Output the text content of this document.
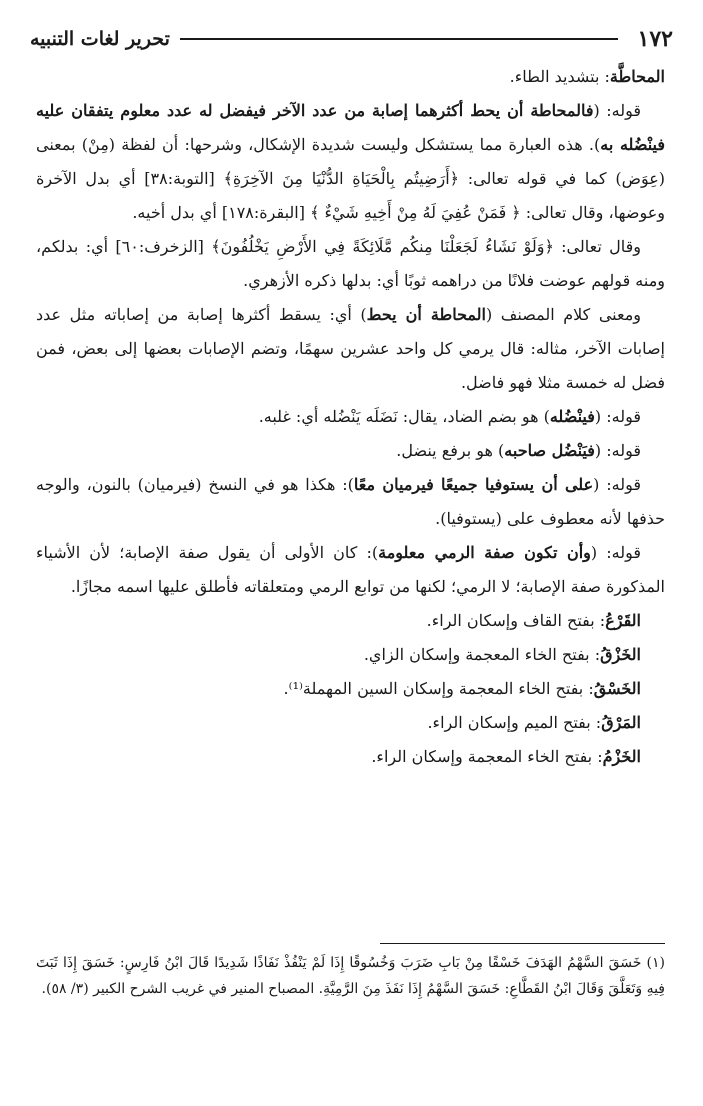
١٧٢
تحرير لغات التنبيه

المحاطَّة: بتشديد الطاء.

قوله: (فالمحاطة أن يحط أكثرهما إصابة من عدد الآخر فيفضل له عدد معلوم يتفقان عليه فينْضُله به). هذه العبارة مما يستشكل وليست شديدة الإشكال، وشرحها: أن لفظة (مِنْ) بمعنى (عِوَض) كما في قوله تعالى: ﴿أَرَضِيتُم بِالْحَيَاةِ الدُّنْيَا مِنَ الآخِرَةِ﴾ [التوبة:٣٨] أي بدل الآخرة وعوضها، وقال تعالى: ﴿ فَمَنْ عُفِيَ لَهُ مِنْ أَخِيهِ شَيْءٌ ﴾ [البقرة:١٧٨] أي بدل أخيه.

وقال تعالى: ﴿وَلَوْ نَشَاءُ لَجَعَلْنَا مِنكُم مَّلَائِكَةً فِي الأَرْضِ يَخْلُفُونَ﴾ [الزخرف:٦٠] أي: بدلكم، ومنه قولهم عوضت فلانًا من دراهمه ثوبًا أي: بدلها ذكره الأزهري.

ومعنى كلام المصنف (المحاطة أن يحط) أي: يسقط أكثرها إصابة من إصاباته مثل عدد إصابات الآخر، مثاله: قال يرمي كل واحد عشرين سهمًا، وتضم الإصابات بعضها إلى بعض، فمن فضل له خمسة مثلا فهو فاضل.

قوله: (فينْضُله) هو بضم الضاد، يقال: نَضَلَه يَنْضُله أي: غلبه.

قوله: (فيَنْضُل صاحبه) هو برفع ينضل.

قوله: (على أن يستوفيا جميعًا فيرميان معًا): هكذا هو في النسخ (فيرميان) بالنون، والوجه حذفها لأنه معطوف على (يستوفيا).

قوله: (وأن تكون صفة الرمي معلومة): كان الأولى أن يقول صفة الإصابة؛ لأن الأشياء المذكورة صفة الإصابة؛ لا الرمي؛ لكنها من توابع الرمي ومتعلقاته فأطلق عليها اسمه مجازًا.

القَرْعُ: بفتح القاف وإسكان الراء.

الخَزْقُ: بفتح الخاء المعجمة وإسكان الزاي.

الخَسْقُ: بفتح الخاء المعجمة وإسكان السين المهملة⁽¹⁾.

المَرْقُ: بفتح الميم وإسكان الراء.

الخَزْمُ: بفتح الخاء المعجمة وإسكان الراء.

(١) خَسَقَ السَّهْمُ الهَدَفَ خَسْقًا مِنْ بَابِ ضَرَبَ وَخُسُوقًا إِذَا لَمْ يَنْفُذْ نَفَاذًا شَدِيدًا قَالَ ابْنُ فَارِسٍ: خَسَقَ إِذَا ثَبَتَ فِيهِ وَتَعَلَّقَ وَقَالَ ابْنُ القَطَّاعِ: خَسَقَ السَّهْمُ إِذَا نَفَذَ مِنَ الرَّمِيَّةِ. المصباح المنير في غريب الشرح الكبير (٣/ ٥٨).
